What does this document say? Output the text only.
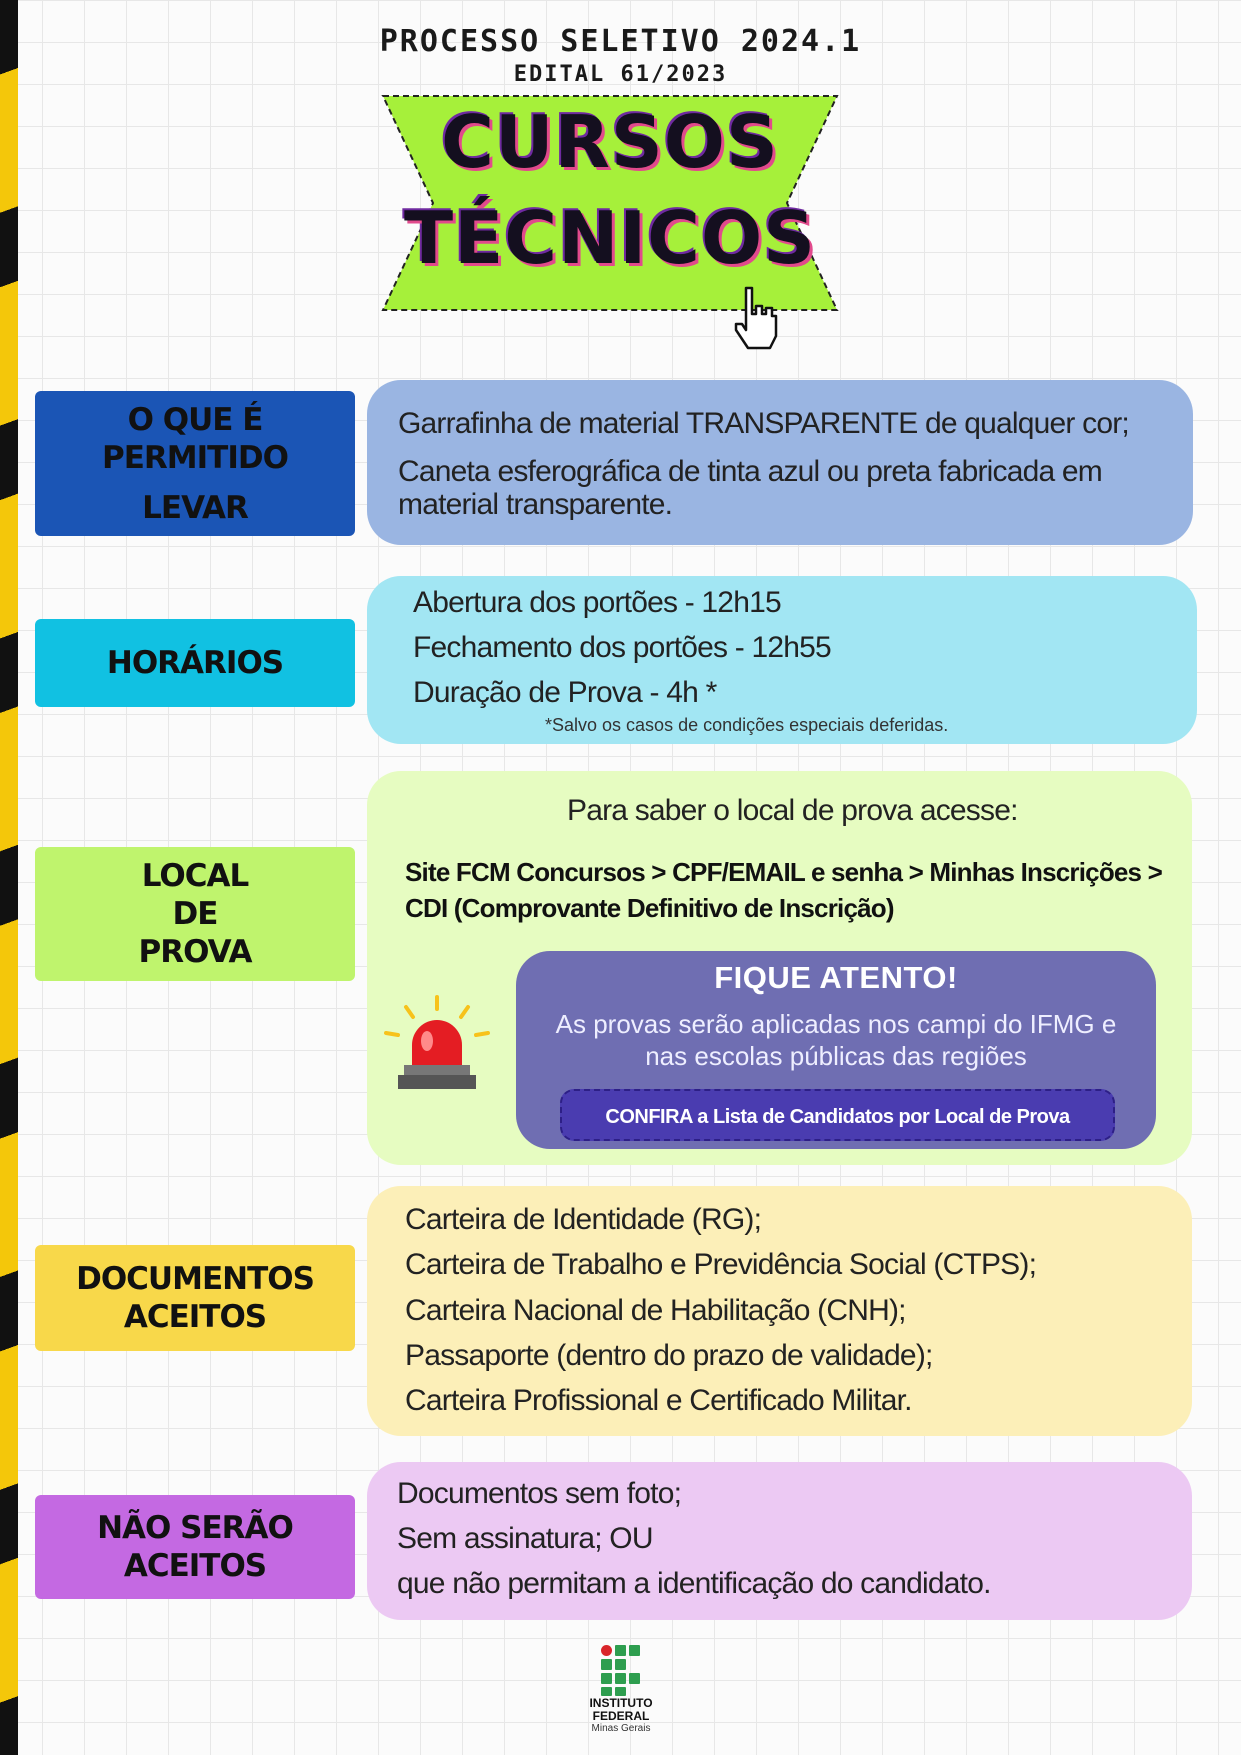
PROCESSO SELETIVO 2024.1
EDITAL 61/2023
CURSOS
TÉCNICOS
O QUE É PERMITIDO
LEVAR
Garrafinha de material TRANSPARENTE de qualquer cor;
Caneta esferográfica de tinta azul ou preta fabricada em
material transparente.
HORÁRIOS
Abertura dos portões - 12h15
Fechamento dos portões - 12h55
Duração de Prova - 4h *
*Salvo os casos de condições especiais deferidas.
LOCAL
DE
PROVA
Para saber o local de prova acesse:
Site FCM Concursos > CPF/EMAIL e senha > Minhas Inscrições >
CDI (Comprovante Definitivo de Inscrição)
FIQUE ATENTO!
As provas serão aplicadas nos campi do IFMG e
nas escolas públicas das regiões
CONFIRA a Lista de Candidatos por Local de Prova
DOCUMENTOS
ACEITOS
Carteira de Identidade (RG);
Carteira de Trabalho e Previdência Social (CTPS);
Carteira Nacional de Habilitação (CNH);
Passaporte (dentro do prazo de validade);
Carteira Profissional e Certificado Militar.
NÃO SERÃO
ACEITOS
Documentos sem foto;
Sem assinatura; OU
que não permitam a identificação do candidato.
INSTITUTO
FEDERAL
Minas Gerais
